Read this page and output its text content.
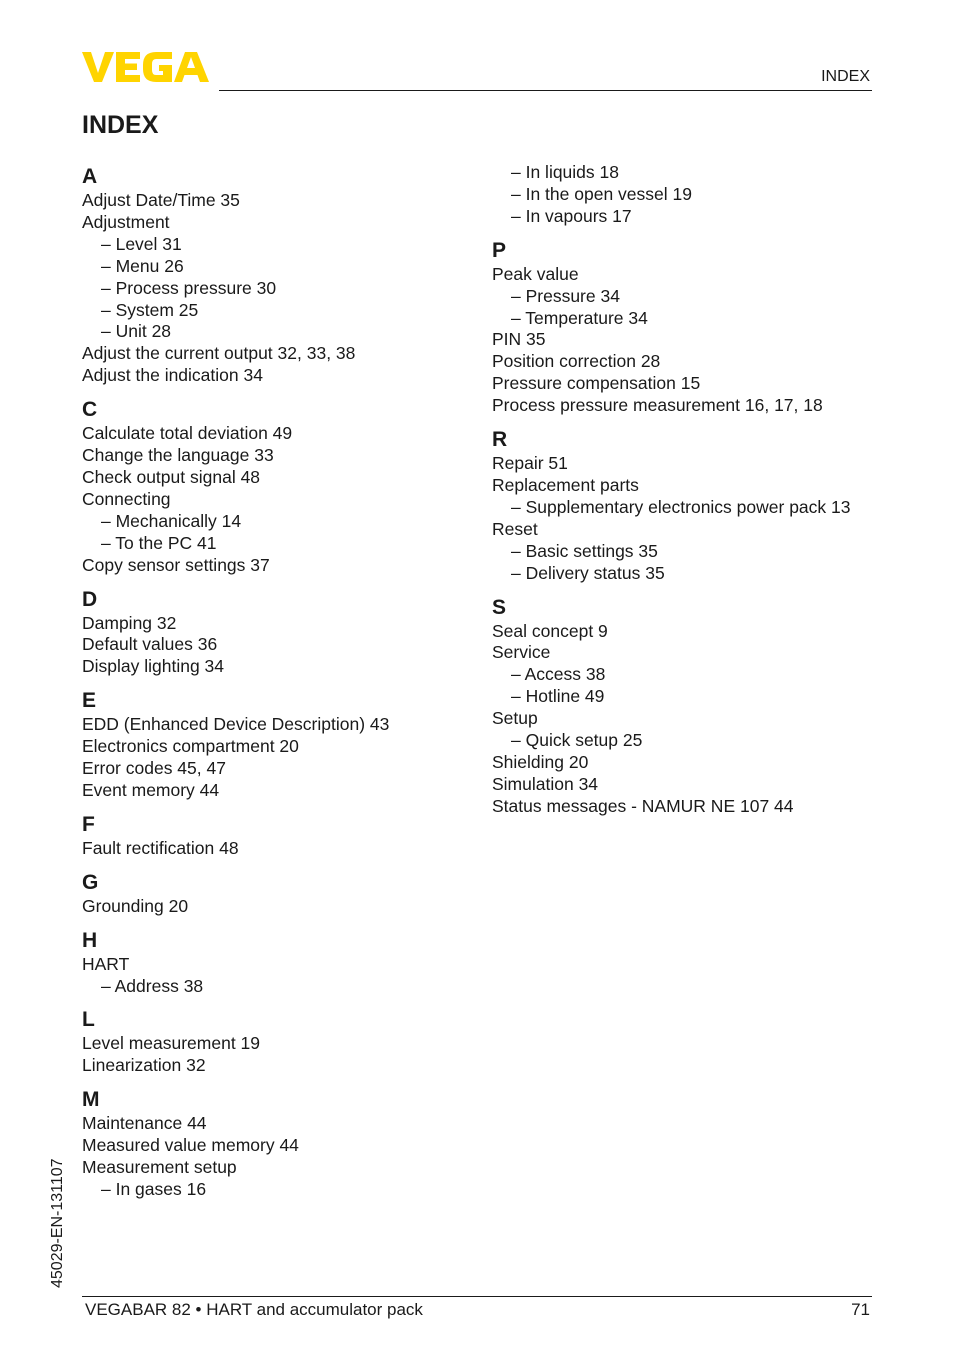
INDEX
INDEX
A
Adjust Date/Time 35
Adjustment
– Level 31
– Menu 26
– Process pressure 30
– System 25
– Unit 28
Adjust the current output 32, 33, 38
Adjust the indication 34
C
Calculate total deviation 49
Change the language 33
Check output signal 48
Connecting
– Mechanically 14
– To the PC 41
Copy sensor settings 37
D
Damping 32
Default values 36
Display lighting 34
E
EDD (Enhanced Device Description) 43
Electronics compartment 20
Error codes 45, 47
Event memory 44
F
Fault rectification 48
G
Grounding 20
H
HART
– Address 38
L
Level measurement 19
Linearization 32
M
Maintenance 44
Measured value memory 44
Measurement setup
– In gases 16
– In liquids 18
– In the open vessel 19
– In vapours 17
P
Peak value
– Pressure 34
– Temperature 34
PIN 35
Position correction 28
Pressure compensation 15
Process pressure measurement 16, 17, 18
R
Repair 51
Replacement parts
– Supplementary electronics power pack 13
Reset
– Basic settings 35
– Delivery status 35
S
Seal concept 9
Service
– Access 38
– Hotline 49
Setup
– Quick setup 25
Shielding 20
Simulation 34
Status messages - NAMUR NE 107 44
45029-EN-131107
VEGABAR 82 • HART and accumulator pack	71
